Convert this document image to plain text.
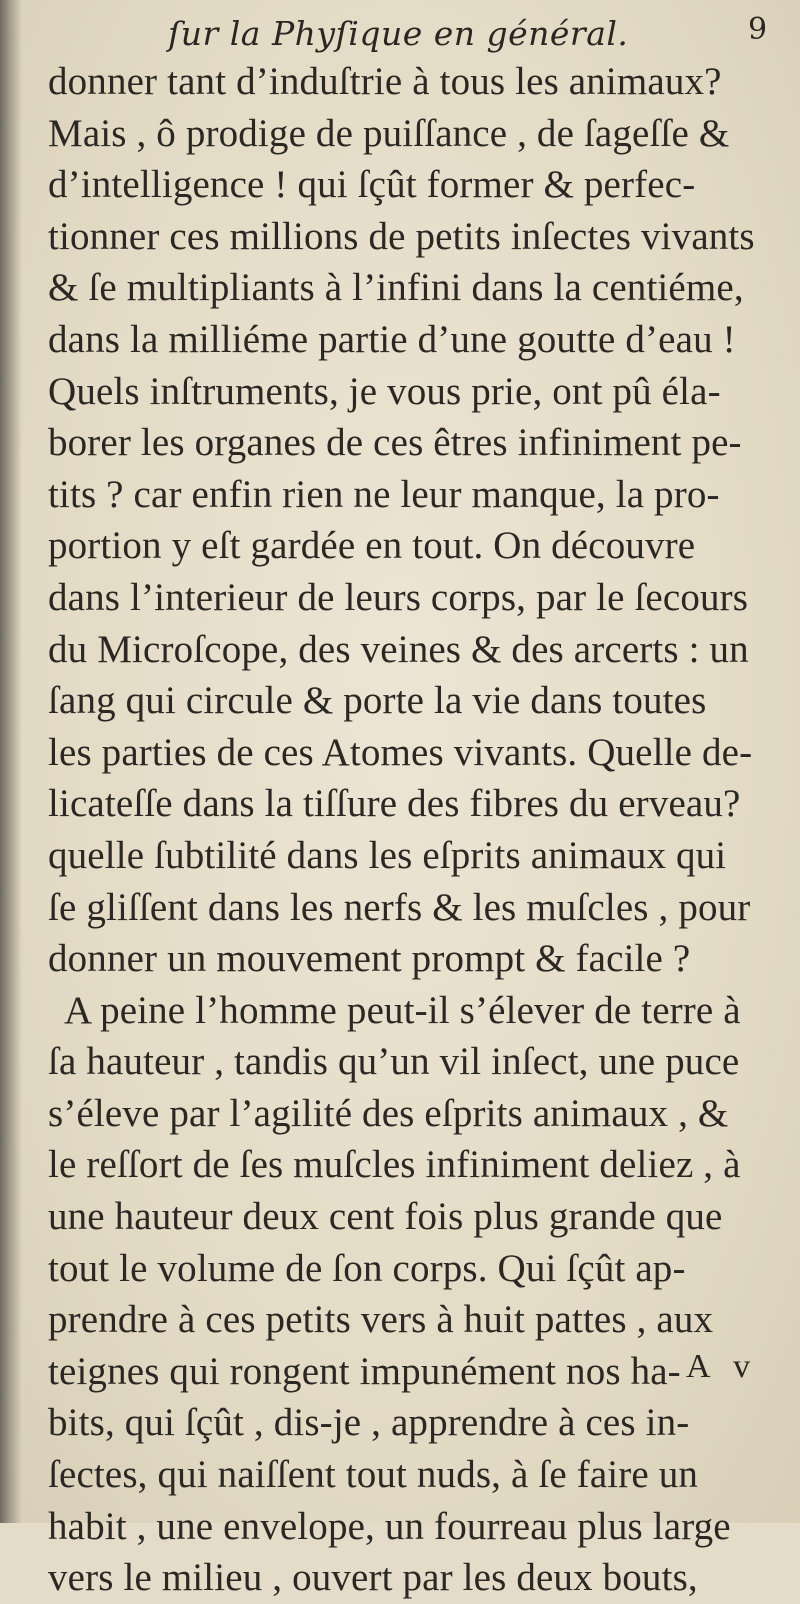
ſur la Phyſique en général.	9
donner tant d’induſtrie à tous les animaux?
Mais , ô prodige de puiſſance , de ſageſſe &
d’intelligence ! qui ſçût former & perfec-
tionner ces millions de petits inſectes vivants
& ſe multipliants à l’infini dans la centiéme,
dans la milliéme partie d’une goutte d’eau !
Quels inſtruments, je vous prie, ont pû éla-
borer les organes de ces êtres infiniment pe-
tits ? car enfin rien ne leur manque, la pro-
portion y eſt gardée en tout. On découvre
dans l’interieur de leurs corps, par le ſecours
du Microſcope, des veines & des arcerts : un
ſang qui circule & porte la vie dans toutes
les parties de ces Atomes vivants. Quelle de-
licateſſe dans la tiſſure des fibres du erveau?
quelle ſubtilité dans les eſprits animaux qui
ſe gliſſent dans les nerfs & les muſcles , pour
donner un mouvement prompt & facile ?
A peine l’homme peut-il s’élever de terre à
ſa hauteur , tandis qu’un vil inſect, une puce
s’éleve par l’agilité des eſprits animaux , &
le reſſort de ſes muſcles infiniment deliez , à
une hauteur deux cent fois plus grande que
tout le volume de ſon corps. Qui ſçût ap-
prendre à ces petits vers à huit pattes , aux
teignes qui rongent impunément nos ha-
bits, qui ſçût , dis-je , apprendre à ces in-
ſectes, qui naiſſent tout nuds, à ſe faire un
habit , une envelope, un fourreau plus large
vers le milieu , ouvert par les deux bouts,
A v
